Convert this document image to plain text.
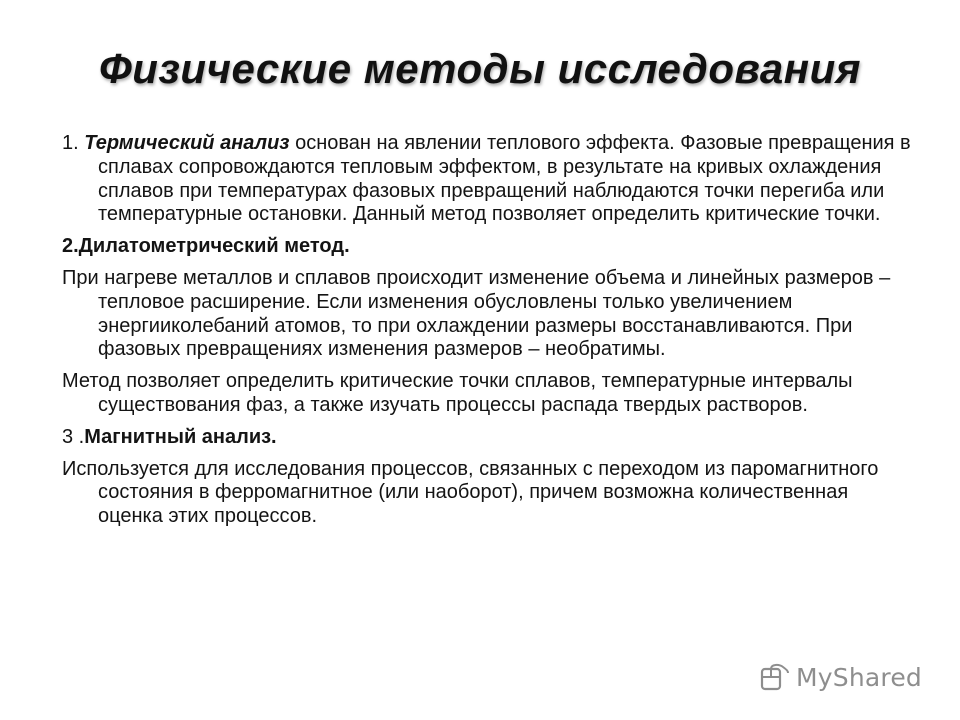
Физические методы исследования

1. Термический анализ основан на явлении теплового эффекта. Фазовые превращения в сплавах сопровождаются тепловым эффектом, в результате на кривых охлаждения сплавов при температурах фазовых превращений наблюдаются точки перегиба или температурные остановки. Данный метод позволяет определить критические точки.

2.Дилатометрический метод.

При нагреве металлов и сплавов происходит изменение объема и линейных размеров – тепловое расширение. Если изменения обусловлены только увеличением энергииколебаний атомов, то при охлаждении размеры восстанавливаются. При фазовых превращениях изменения размеров – необратимы.

Метод позволяет определить критические точки сплавов, температурные интервалы существования фаз, а также изучать процессы распада твердых растворов.

3 .Магнитный анализ.

Используется для исследования процессов, связанных с переходом из паромагнитного состояния в ферромагнитное (или наоборот), причем возможна количественная оценка этих процессов.

MyShared
